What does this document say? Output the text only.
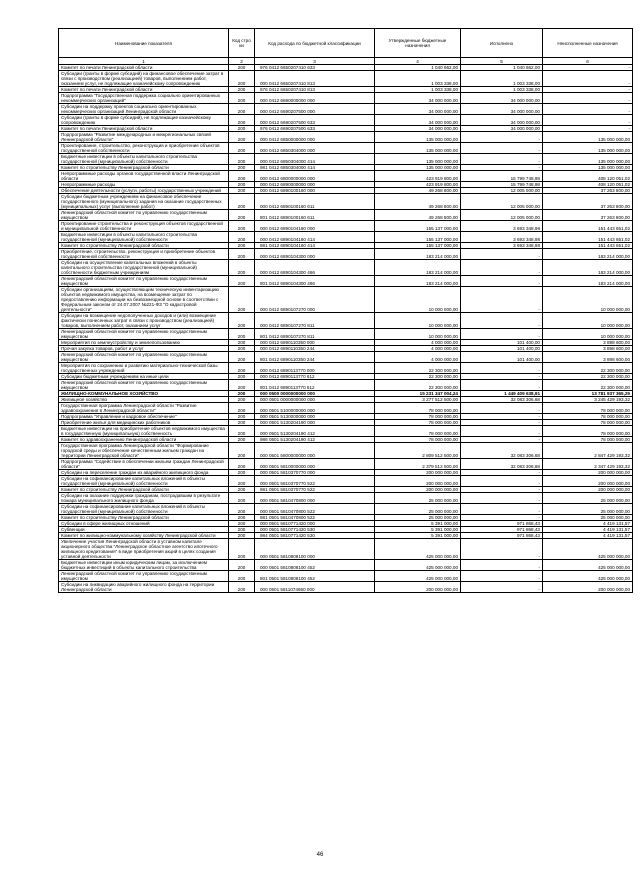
Наименование показателя	Код стро ки	Код расхода по бюджетной классификации	Утвержденные бюджетные назначения	Исполнено	Неисполненные назначения
1	2	3	4	5	6
Комитет по печати Ленинградской области	200	976 0412 6650207410 633	1 040 662,00	1 040 662,00	-
Субсидии (гранты в форме субсидий) на финансовое обеспечение затрат в связи с производством (реализацией) товаров, выполнением работ, оказанием услуг, не подлежащие казначейскому сопровождению	200	000 0412 6650207410 813	1 003 338,00	1 003 338,00	-
Комитет по печати Ленинградской области	200	976 0412 6650207410 813	1 003 338,00	1 003 338,00	-
Подпрограмма "Государственная поддержка социально ориентированных некоммерческих организаций"	200	000 0412 6690000000 000	34 000 000,00	34 000 000,00	-
Субсидии на поддержку проектов социально ориентированных некоммерческих организаций Ленинградской области	200	000 0412 6690207500 000	34 000 000,00	34 000 000,00	-
Субсидии (гранты в форме субсидий), не подлежащие казначейскому сопровождению	200	000 0412 6690207500 633	34 000 000,00	34 000 000,00	-
Комитет по печати Ленинградской области	200	976 0412 6690207500 633	34 000 000,00	34 000 000,00	-
Подпрограмма "Развитие международных и межрегиональных связей Ленинградской области"	200	000 0412 6850000000 000	135 000 000,00	-	135 000 000,00
Проектирование, строительство, реконструкция и приобретение объектов государственной собственности	200	000 0412 6850304000 000	135 000 000,00	-	135 000 000,00
Бюджетные инвестиции в объекты капитального строительства государственной (муниципальной) собственности	200	000 0412 6850304000 414	135 000 000,00	-	135 000 000,00
Комитет по строительству Ленинградской области	200	981 0412 6850304000 414	135 000 000,00	-	135 000 000,00
Непрограммные расходы органов государственной власти Ленинградской области	200	000 0412 6800000000 000	423 919 800,00	15 799 748,98	408 120 051,02
Непрограммные расходы	200	000 0412 6890000000 000	423 919 800,00	15 799 748,98	408 120 051,02
Обеспечение деятельности (услуги, работы) государственных учреждений	200	000 0412 6890100160 000	49 268 800,00	12 005 000,00	37 263 800,00
Субсидии бюджетным учреждениям на финансовое обеспечение государственного (муниципального) задания на оказание государственных (муниципальных) услуг (выполнение работ)	200	000 0412 6890100160 611	49 268 800,00	12 005 000,00	37 263 800,00
Ленинградский областной комитет по управлению государственным имуществом	200	801 0412 6890100160 611	49 268 800,00	12 005 000,00	37 263 800,00
Проектирование строительства и реконструкция объектов государственной и муниципальной собственности	200	000 0412 6890104160 000	155 137 000,00	3 693 348,98	151 443 651,02
Бюджетные инвестиции в объекты капитального строительства государственной (муниципальной) собственности	200	000 0412 6890104160 414	155 137 000,00	3 693 348,98	151 443 651,02
Комитет по строительству Ленинградской области	200	981 0412 6890104160 414	155 137 000,00	3 693 348,98	151 443 651,02
Приобретение, строительство, реконструкция и приобретение объектов государственной собственности	200	000 0412 6890104300 000	183 214 000,00	-	183 214 000,00
Субсидии на осуществление капитальных вложений в объекты капитального строительства государственной (муниципальной) собственности бюджетным учреждениям	200	000 0412 6890104300 466	183 214 000,00	-	183 214 000,00
Ленинградский областной комитет по управлению государственным имуществом	200	801 0412 6890104300 466	183 214 000,00	-	183 214 000,00
Субсидии организациям, осуществляющим техническую инвентаризацию объектов недвижимого имущества, на возмещение затрат по предоставлению информации на безвозмездной основе в соответствии с Федеральным законом от 24.07.2007 №221-ФЗ "О кадастровой деятельности"	200	000 0412 6890107270 000	10 000 000,00	-	10 000 000,00
Субсидии на возмещение недополученных доходов и (или) возмещение фактически понесенных затрат в связи с производством (реализацией) товаров, выполнением работ, оказанием услуг	200	000 0412 6890107270 811	10 000 000,00	-	10 000 000,00
Ленинградский областной комитет по управлению государственным имуществом	200	801 0412 6890107270 811	10 000 000,00	-	10 000 000,00
Мероприятия по землеустройству и землепользованию	200	000 0412 6890110350 000	4 000 000,00	101 400,00	3 898 600,00
Прочая закупка товаров, работ и услуг	200	000 0412 6890110350 244	4 000 000,00	101 400,00	3 898 600,00
Ленинградский областной комитет по управлению государственным имуществом	200	801 0412 6890110350 244	4 000 000,00	101 400,00	3 898 600,00
Мероприятия по сохранению и развитию материально-технической базы государственных учреждений	200	000 0412 6890113770 000	22 300 000,00	-	22 300 000,00
Субсидии бюджетным учреждениям на иные цели	200	000 0412 6890113770 612	22 300 000,00	-	22 300 000,00
Ленинградский областной комитет по управлению государственным имуществом	200	801 0412 6890113770 612	22 300 000,00	-	22 300 000,00
ЖИЛИЩНО-КОММУНАЛЬНОЕ ХОЗЯЙСТВО	200	000 0500 0000000000 000	15 231 347 004,24	1 449 409 638,91	13 781 937 365,29
Жилищное хозяйство	200	000 0501 0000000000 000	3 277 512 500,00	32 083 306,68	3 245 429 193,32
Государственная программа Ленинградской области "Развитие здравоохранения в Ленинградской области"	200	000 0501 5100000000 000	78 000 000,00	-	78 000 000,00
Подпрограмма "Управление и кадровое обеспечение"	200	000 0501 5130000000 000	78 000 000,00	-	78 000 000,00
Приобретение жилья для медицинских работников	200	000 0501 5130204190 000	78 000 000,00	-	78 000 000,00
Бюджетные инвестиции на приобретение объектов недвижимого имущества в государственную (муниципальную) собственность	200	000 0501 5130204190 412	78 000 000,00	-	78 000 000,00
Комитет по здравоохранению Ленинградской области	200	986 0501 5130204190 412	78 000 000,00	-	78 000 000,00
Государственная программа Ленинградской области "Формирование городской среды и обеспечение качественным жильем граждан на территории Ленинградской области"	200	000 0501 5800000000 000	2 809 512 500,00	32 083 306,68	2 847 429 193,32
Подпрограмма "Содействие в обеспечении жильем граждан Ленинградской области"	200	000 0501 5810000000 000	2 379 512 500,00	32 083 306,68	2 347 429 193,32
Субсидии на переселение граждан из аварийного жилищного фонда	200	000 0501 5810370770 000	200 000 000,00	-	200 000 000,00
Субсидии на софинансирование капитальных вложений в объекты государственной (муниципальной) собственности	200	000 0501 5810370770 522	200 000 000,00	-	200 000 000,00
Комитет по строительству Ленинградской области	200	981 0501 5810370770 522	200 000 000,00	-	200 000 000,00
Субсидии на оказание поддержки гражданам, пострадавшим в результате пожара муниципального жилищного фонда	200	000 0501 5810470800 000	25 000 000,00	-	25 000 000,00
Субсидии на софинансирование капитальных вложений в объекты государственной (муниципальной) собственности	200	000 0501 5810470800 522	25 000 000,00	-	25 000 000,00
Комитет по строительству Ленинградской области	200	981 0501 5810470800 522	25 000 000,00	-	25 000 000,00
Субсидии в сфере жилищных отношений	200	000 0501 5810771420 000	5 391 000,00	971 868,43	4 419 131,57
Субвенции	200	000 0501 5810771420 530	5 391 000,00	971 868,43	4 419 131,57
Комитет по жилищно-коммунальному хозяйству Ленинградской области	200	984 0501 5810771420 530	5 391 000,00	971 868,43	4 419 131,57
Увеличение участия Ленинградской области в уставном капитале акционерного общества "Ленинградское областное агентство ипотечного жилищного кредитования" в виде приобретения акций в целях создания уставной деятельности	200	000 0501 5810808100 000	425 000 000,00	-	425 000 000,00
Бюджетные инвестиции иным юридическим лицам, за исключением бюджетных инвестиций в объекты капитального строительства	200	000 0501 5810808100 452	425 000 000,00	-	425 000 000,00
Ленинградский областной комитет по управлению государственным имуществом	200	801 0501 5810808100 452	425 000 000,00	-	425 000 000,00
Субсидии на ликвидацию аварийного жилищного фонда на территории Ленинградской области	200	000 0501 5811074660 000	200 000 000,00	-	200 000 000,00
46
